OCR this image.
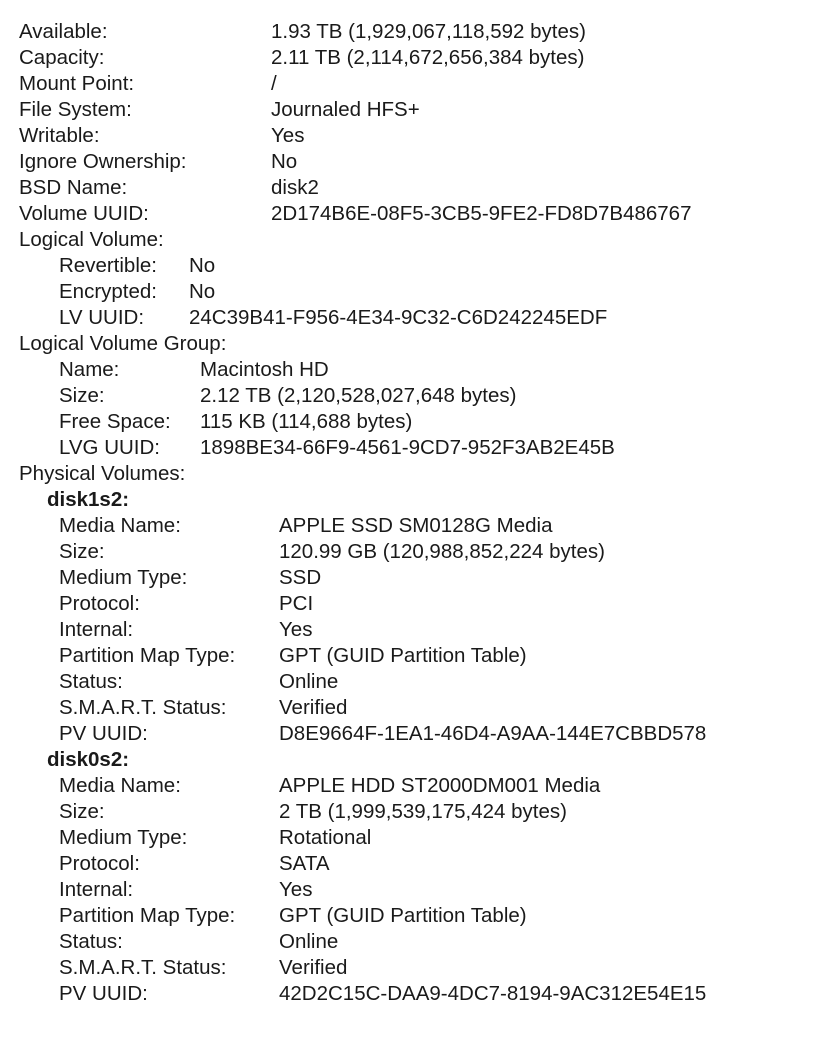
Available:	1.93 TB (1,929,067,118,592 bytes)
Capacity:	2.11 TB (2,114,672,656,384 bytes)
Mount Point:	/
File System:	Journaled HFS+
Writable:	Yes
Ignore Ownership:	No
BSD Name:	disk2
Volume UUID:	2D174B6E-08F5-3CB5-9FE2-FD8D7B486767
Logical Volume:
Revertible: No
Encrypted: No
LV UUID: 24C39B41-F956-4E34-9C32-C6D242245EDF
Logical Volume Group:
Name:	Macintosh HD
Size:	2.12 TB (2,120,528,027,648 bytes)
Free Space: 115 KB (114,688 bytes)
LVG UUID: 1898BE34-66F9-4561-9CD7-952F3AB2E45B
Physical Volumes:
disk1s2:
Media Name:	APPLE SSD SM0128G Media
Size:	120.99 GB (120,988,852,224 bytes)
Medium Type:	SSD
Protocol:	PCI
Internal:	Yes
Partition Map Type: GPT (GUID Partition Table)
Status:	Online
S.M.A.R.T. Status:	Verified
PV UUID:	D8E9664F-1EA1-46D4-A9AA-144E7CBBD578
disk0s2:
Media Name:	APPLE HDD ST2000DM001 Media
Size:	2 TB (1,999,539,175,424 bytes)
Medium Type:	Rotational
Protocol:	SATA
Internal:	Yes
Partition Map Type: GPT (GUID Partition Table)
Status:	Online
S.M.A.R.T. Status:	Verified
PV UUID:	42D2C15C-DAA9-4DC7-8194-9AC312E54E15
